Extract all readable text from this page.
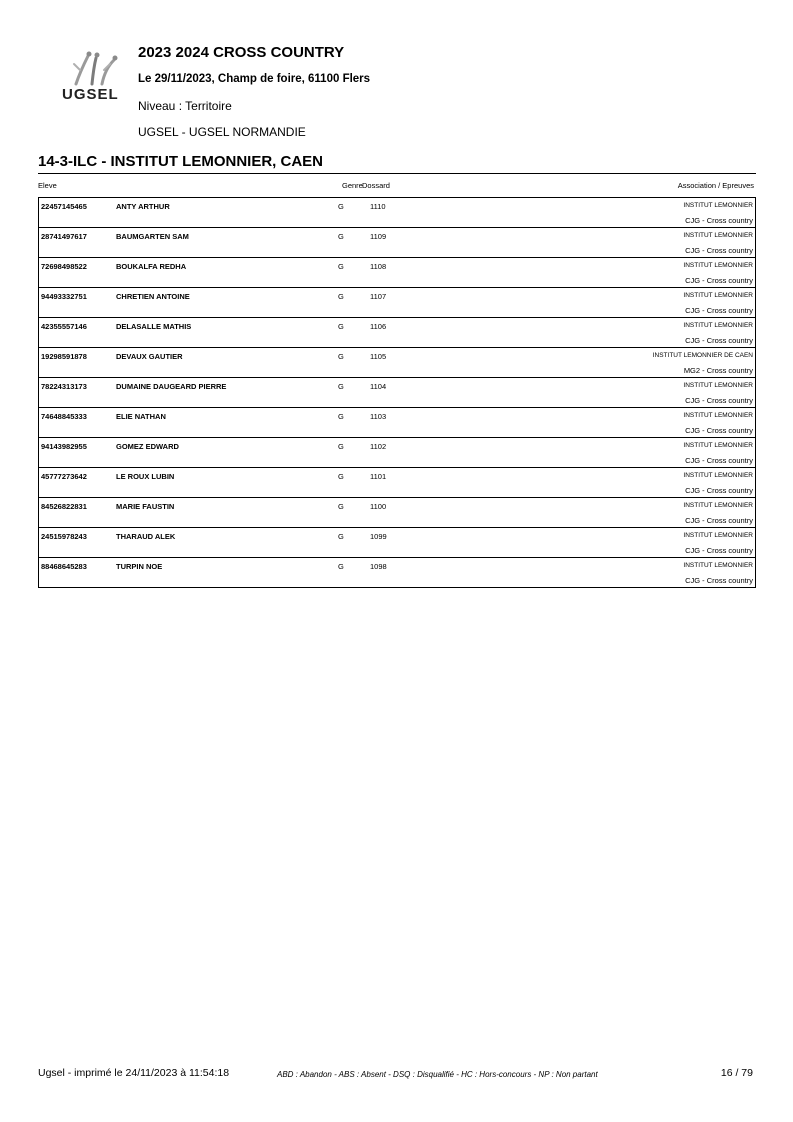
UGSEL
2023 2024 CROSS COUNTRY
Le 29/11/2023, Champ de foire, 61100 Flers
Niveau : Territoire
UGSEL - UGSEL NORMANDIE
14-3-ILC - INSTITUT LEMONNIER, CAEN
Eleve	Genre Dossard	Association / Epreuves
22457145465	ANTY ARTHUR	G	1110	INSTITUT LEMONNIER
CJG - Cross country
28741497617	BAUMGARTEN SAM	G	1109	INSTITUT LEMONNIER
CJG - Cross country
72698498522	BOUKALFA REDHA	G	1108	INSTITUT LEMONNIER
CJG - Cross country
94493332751	CHRETIEN ANTOINE	G	1107	INSTITUT LEMONNIER
CJG - Cross country
42355557146	DELASALLE MATHIS	G	1106	INSTITUT LEMONNIER
CJG - Cross country
19298591878	DEVAUX GAUTIER	G	1105	INSTITUT LEMONNIER DE CAEN
MG2 - Cross country
78224313173	DUMAINE DAUGEARD PIERRE	G	1104	INSTITUT LEMONNIER
CJG - Cross country
74648845333	ELIE NATHAN	G	1103	INSTITUT LEMONNIER
CJG - Cross country
94143982955	GOMEZ EDWARD	G	1102	INSTITUT LEMONNIER
CJG - Cross country
45777273642	LE ROUX LUBIN	G	1101	INSTITUT LEMONNIER
CJG - Cross country
84526822831	MARIE FAUSTIN	G	1100	INSTITUT LEMONNIER
CJG - Cross country
24515978243	THARAUD ALEK	G	1099	INSTITUT LEMONNIER
CJG - Cross country
88468645283	TURPIN NOE	G	1098	INSTITUT LEMONNIER
CJG - Cross country
Ugsel - imprimé le 24/11/2023 à 11:54:18	ABD : Abandon - ABS : Absent - DSQ : Disqualifié - HC : Hors-concours - NP : Non partant	16 / 79
